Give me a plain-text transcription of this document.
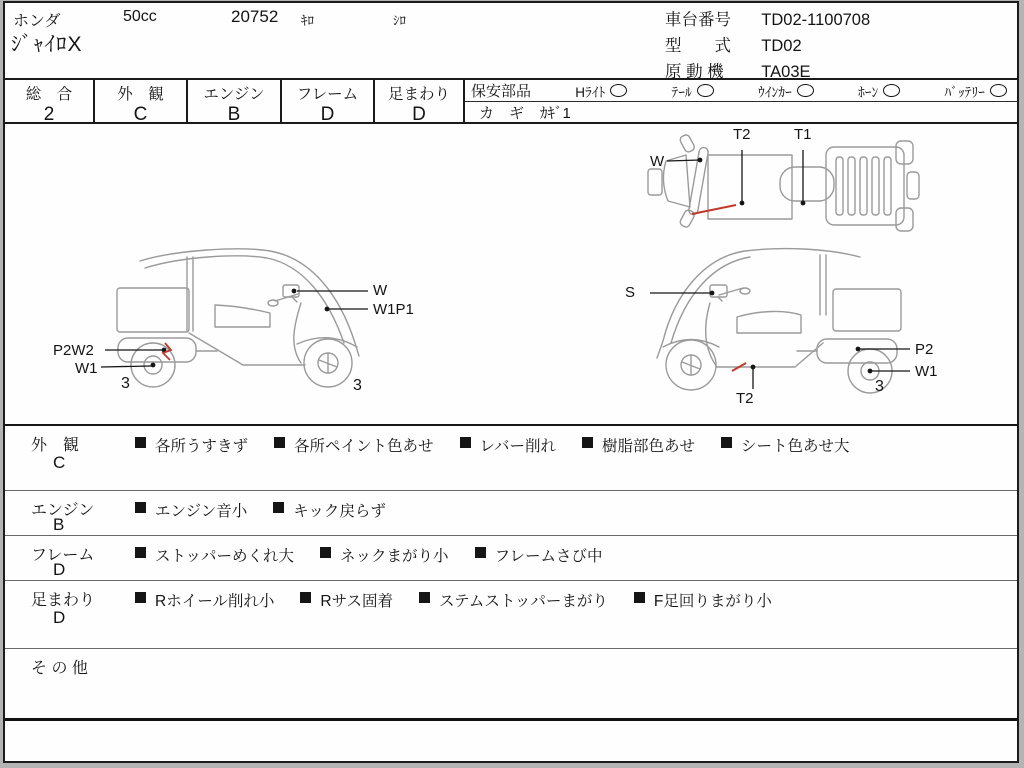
ホンダ	50cc	20752 ｷﾛ	ｼﾛ
ｼﾞｬｲﾛX
車台番号 TD02-1100708
型　　式 TD02
原 動 機 TA03E
総　合
2
外　観
C
エンジン
B
フレーム
D
足まわり
D
保安部品	Hﾗｲﾄ	ﾃｰﾙ	ｳｲﾝｶｰ	ﾎｰﾝ	ﾊﾞｯﾃﾘｰ
カ　ギ ｶｷﾞ1
T2	T1
W
W
W1P1
P2W2
W1
3	3
S
P2
W1
T2
3
外　観
C
各所うすきず	各所ペイント色あせ	レバー削れ	樹脂部色あせ	シート色あせ大
エンジン
B
エンジン音小	キック戻らず
フレーム
D
ストッパーめくれ大	ネックまがり小	フレームさび中
足まわり
D
Rホイール削れ小	Rサス固着	ステムストッパーまがり	F足回りまがり小
そ の 他
